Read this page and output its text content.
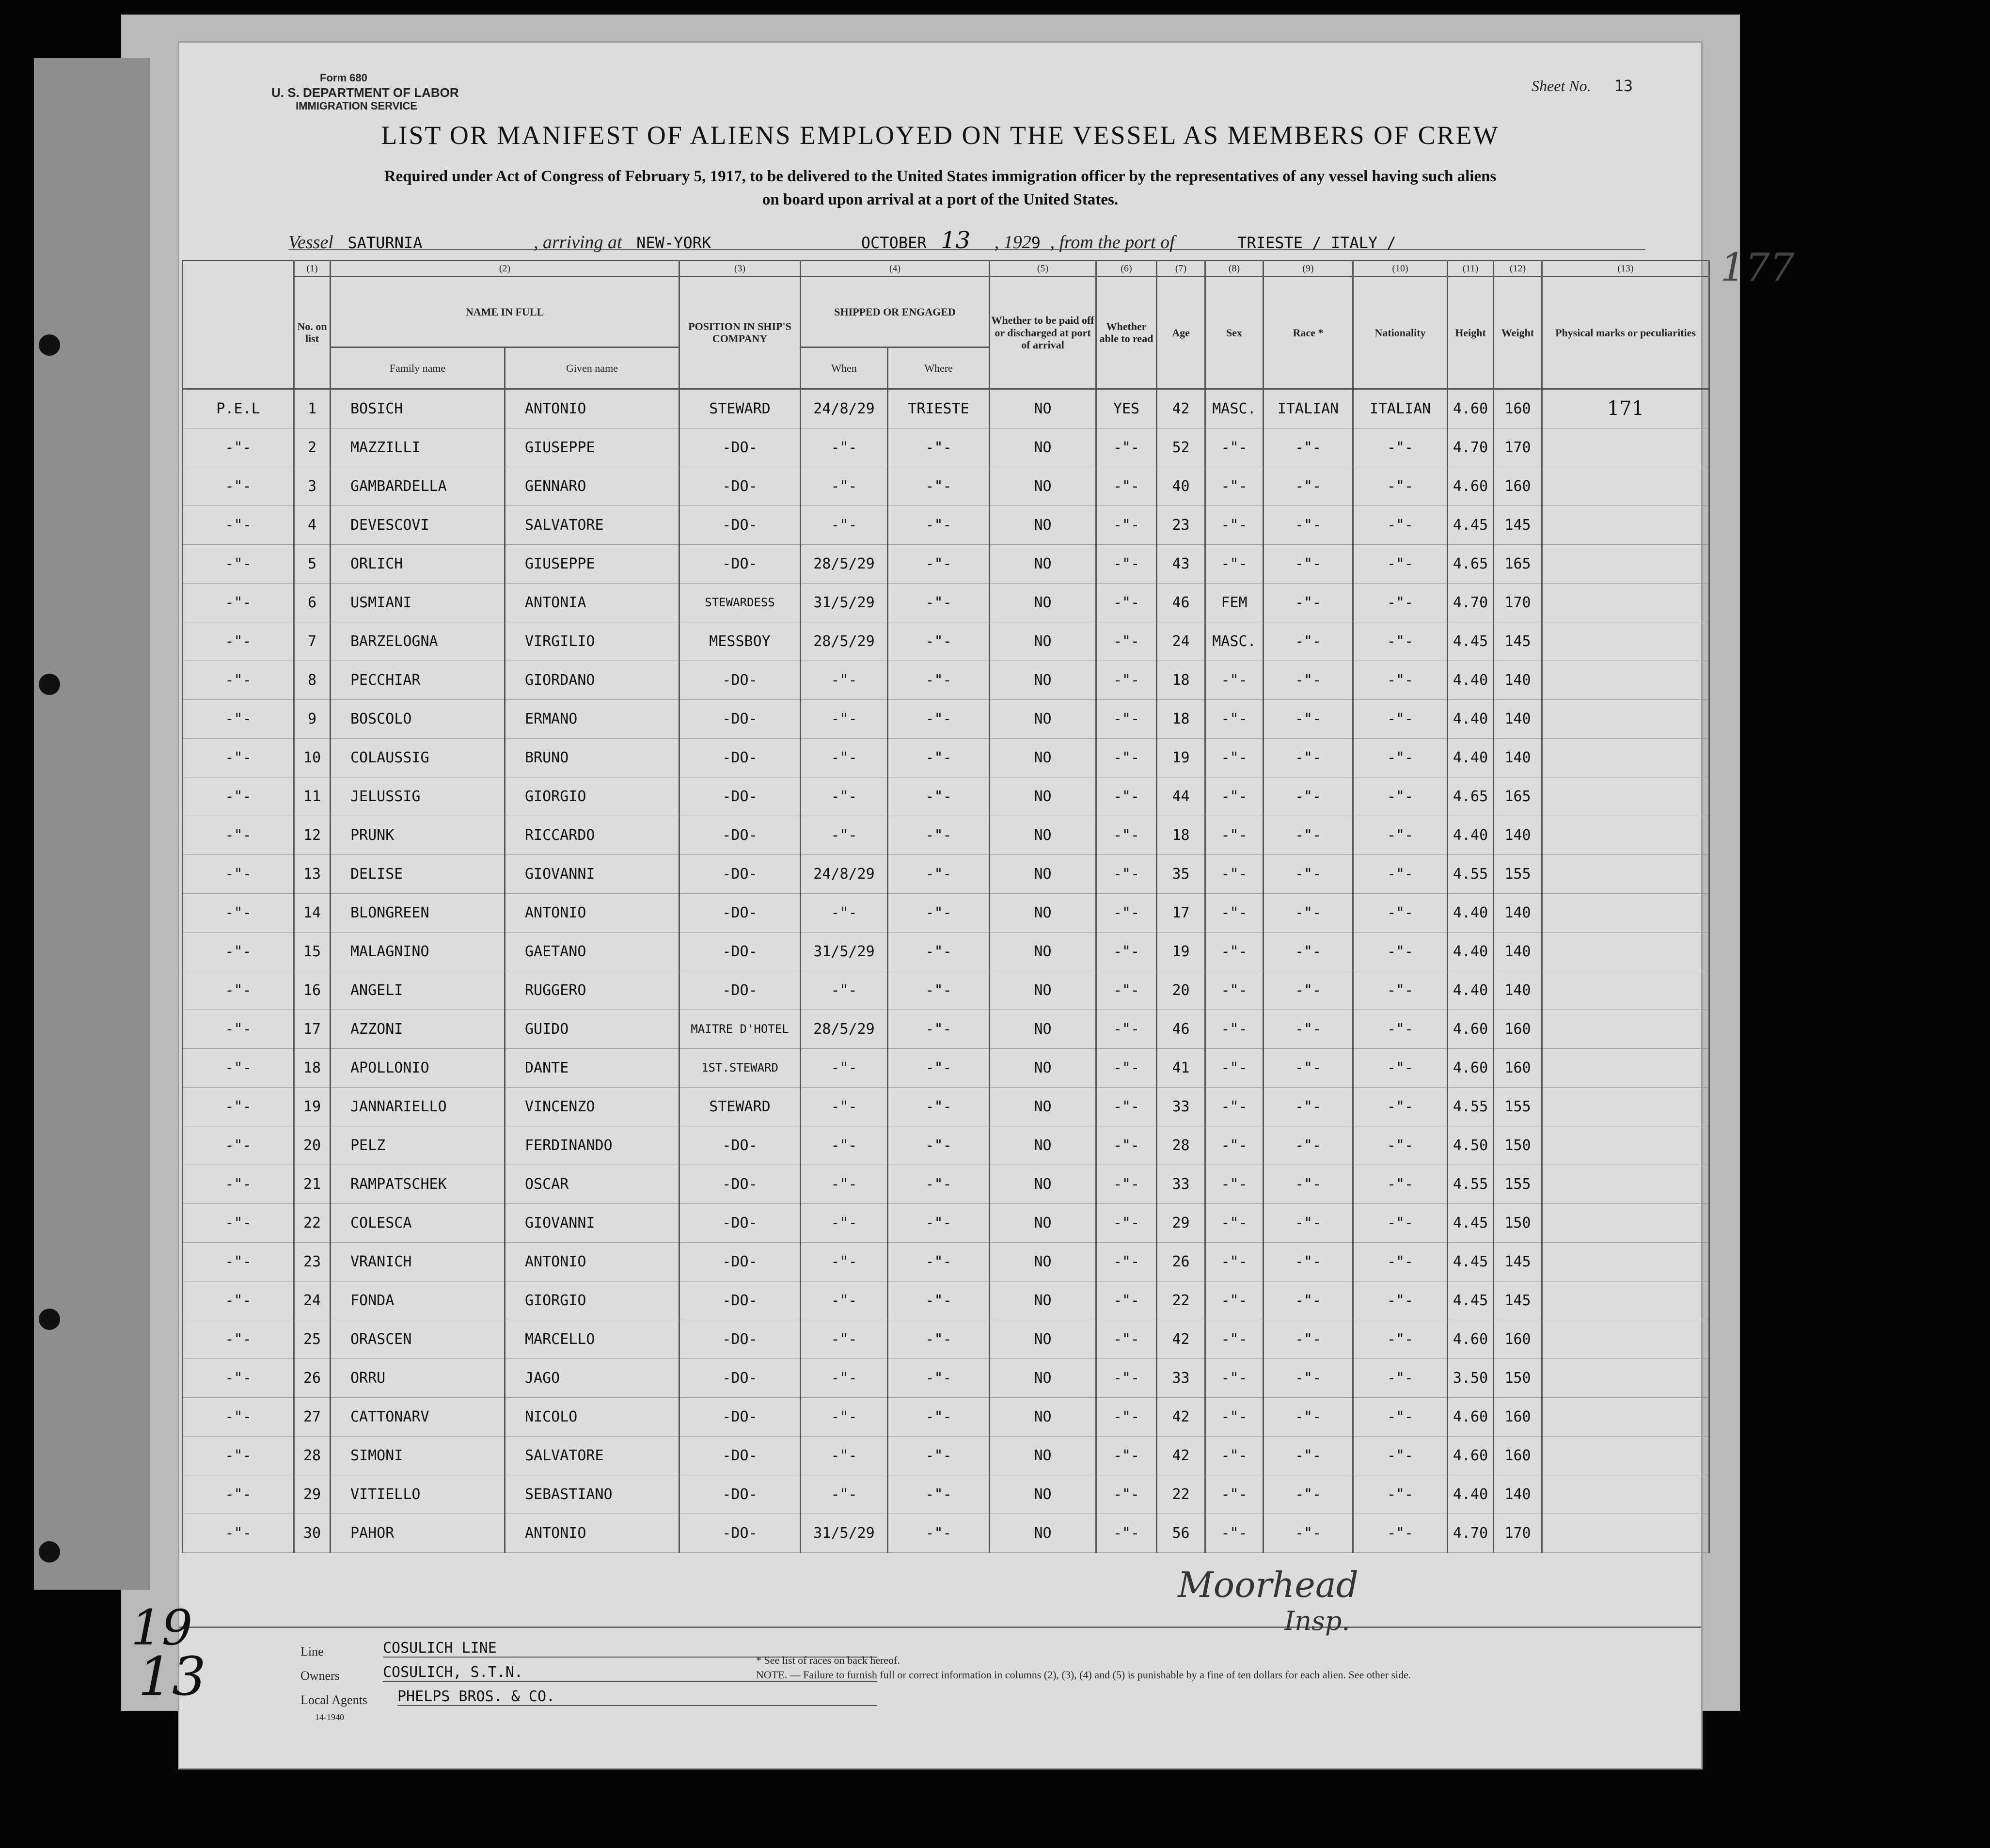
177
Form 680
U. S. DEPARTMENT OF LABOR
IMMIGRATION SERVICE
Sheet No. 13
LIST OR MANIFEST OF ALIENS EMPLOYED ON THE VESSEL AS MEMBERS OF CREW
Required under Act of Congress of February 5, 1917, to be delivered to the United States immigration officer by the representatives of any vessel having such aliens
on board upon arrival at a port of the United States.
Vessel SATURNIA	, arriving at NEW-YORK	OCTOBER 13 , 1929 , from the port of	TRIESTE / ITALY /
	(1)	(2)		(3)	(4)		(5)	(6)	(7)	(8)	(9)	(10)	(11)	(12)	(13)
	No. on list	NAME IN FULL		POSITION IN SHIP'S COMPANY	SHIPPED OR ENGAGED		Whether to be paid off or discharged at port of arrival	Whether able to read	Age	Sex	Race *	Nationality	Height	Weight	Physical marks or peculiarities
		Family name	Given name		When	Where									
P.E.L	1	BOSICH	ANTONIO	STEWARD	24/8/29	TRIESTE	NO	YES	42	MASC.	ITALIAN	ITALIAN	4.60	160	171
-"-	2	MAZZILLI	GIUSEPPE	-DO-	-"-	-"-	NO	-"-	52	-"-	-"-	-"-	4.70	170	
-"-	3	GAMBARDELLA	GENNARO	-DO-	-"-	-"-	NO	-"-	40	-"-	-"-	-"-	4.60	160	
-"-	4	DEVESCOVI	SALVATORE	-DO-	-"-	-"-	NO	-"-	23	-"-	-"-	-"-	4.45	145	
-"-	5	ORLICH	GIUSEPPE	-DO-	28/5/29	-"-	NO	-"-	43	-"-	-"-	-"-	4.65	165	
-"-	6	USMIANI	ANTONIA	STEWARDESS	31/5/29	-"-	NO	-"-	46	FEM	-"-	-"-	4.70	170	
-"-	7	BARZELOGNA	VIRGILIO	MESSBOY	28/5/29	-"-	NO	-"-	24	MASC.	-"-	-"-	4.45	145	
-"-	8	PECCHIAR	GIORDANO	-DO-	-"-	-"-	NO	-"-	18	-"-	-"-	-"-	4.40	140	
-"-	9	BOSCOLO	ERMANO	-DO-	-"-	-"-	NO	-"-	18	-"-	-"-	-"-	4.40	140	
-"-	10	COLAUSSIG	BRUNO	-DO-	-"-	-"-	NO	-"-	19	-"-	-"-	-"-	4.40	140	
-"-	11	JELUSSIG	GIORGIO	-DO-	-"-	-"-	NO	-"-	44	-"-	-"-	-"-	4.65	165	
-"-	12	PRUNK	RICCARDO	-DO-	-"-	-"-	NO	-"-	18	-"-	-"-	-"-	4.40	140	
-"-	13	DELISE	GIOVANNI	-DO-	24/8/29	-"-	NO	-"-	35	-"-	-"-	-"-	4.55	155	
-"-	14	BLONGREEN	ANTONIO	-DO-	-"-	-"-	NO	-"-	17	-"-	-"-	-"-	4.40	140	
-"-	15	MALAGNINO	GAETANO	-DO-	31/5/29	-"-	NO	-"-	19	-"-	-"-	-"-	4.40	140	
-"-	16	ANGELI	RUGGERO	-DO-	-"-	-"-	NO	-"-	20	-"-	-"-	-"-	4.40	140	
-"-	17	AZZONI	GUIDO	MAITRE D'HOTEL	28/5/29	-"-	NO	-"-	46	-"-	-"-	-"-	4.60	160	
-"-	18	APOLLONIO	DANTE	1ST.STEWARD	-"-	-"-	NO	-"-	41	-"-	-"-	-"-	4.60	160	
-"-	19	JANNARIELLO	VINCENZO	STEWARD	-"-	-"-	NO	-"-	33	-"-	-"-	-"-	4.55	155	
-"-	20	PELZ	FERDINANDO	-DO-	-"-	-"-	NO	-"-	28	-"-	-"-	-"-	4.50	150	
-"-	21	RAMPATSCHEK	OSCAR	-DO-	-"-	-"-	NO	-"-	33	-"-	-"-	-"-	4.55	155	
-"-	22	COLESCA	GIOVANNI	-DO-	-"-	-"-	NO	-"-	29	-"-	-"-	-"-	4.45	150	
-"-	23	VRANICH	ANTONIO	-DO-	-"-	-"-	NO	-"-	26	-"-	-"-	-"-	4.45	145	
-"-	24	FONDA	GIORGIO	-DO-	-"-	-"-	NO	-"-	22	-"-	-"-	-"-	4.45	145	
-"-	25	ORASCEN	MARCELLO	-DO-	-"-	-"-	NO	-"-	42	-"-	-"-	-"-	4.60	160	
-"-	26	ORRU	JAGO	-DO-	-"-	-"-	NO	-"-	33	-"-	-"-	-"-	3.50	150	
-"-	27	CATTONARV	NICOLO	-DO-	-"-	-"-	NO	-"-	42	-"-	-"-	-"-	4.60	160	
-"-	28	SIMONI	SALVATORE	-DO-	-"-	-"-	NO	-"-	42	-"-	-"-	-"-	4.60	160	
-"-	29	VITIELLO	SEBASTIANO	-DO-	-"-	-"-	NO	-"-	22	-"-	-"-	-"-	4.40	140	
-"-	30	PAHOR	ANTONIO	-DO-	31/5/29	-"-	NO	-"-	56	-"-	-"-	-"-	4.70	170	
Line	COSULICH LINE
Owners	COSULICH, S.T.N.
Local Agents PHELPS BROS. & CO.
14-1940
* See list of races on back hereof.
NOTE. — Failure to furnish full or correct information in columns (2), (3), (4) and (5) is punishable by a fine of ten dollars for each alien. See other side.
Moorhead
Insp.
13
19
